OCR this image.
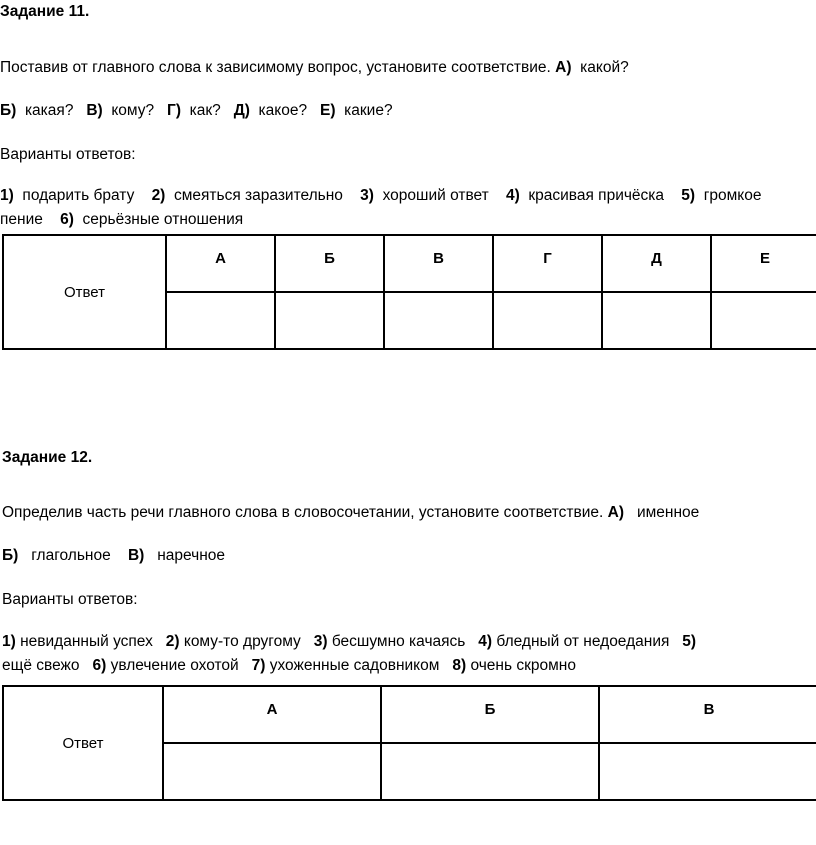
Задание 11.
Поставив от главного слова к зависимому вопрос, установите соответствие. А) какой?
Б) какая? В) кому? Г) как? Д) какое? Е) какие?
Варианты ответов:
1) подарить брату 2) смеяться заразительно 3) хороший ответ 4) красивая причёска 5) громкое
пение 6) серьёзные отношения
Ответ	А	Б	В	Г	Д	Е

Задание 12.
Определив часть речи главного слова в словосочетании, установите соответствие. А) именное
Б) глагольное В) наречное
Варианты ответов:
1) невиданный успех 2) кому-то другому 3) бесшумно качаясь 4) бледный от недоедания 5)
ещё свежо 6) увлечение охотой 7) ухоженные садовником 8) очень скромно
Ответ	А	Б	В
